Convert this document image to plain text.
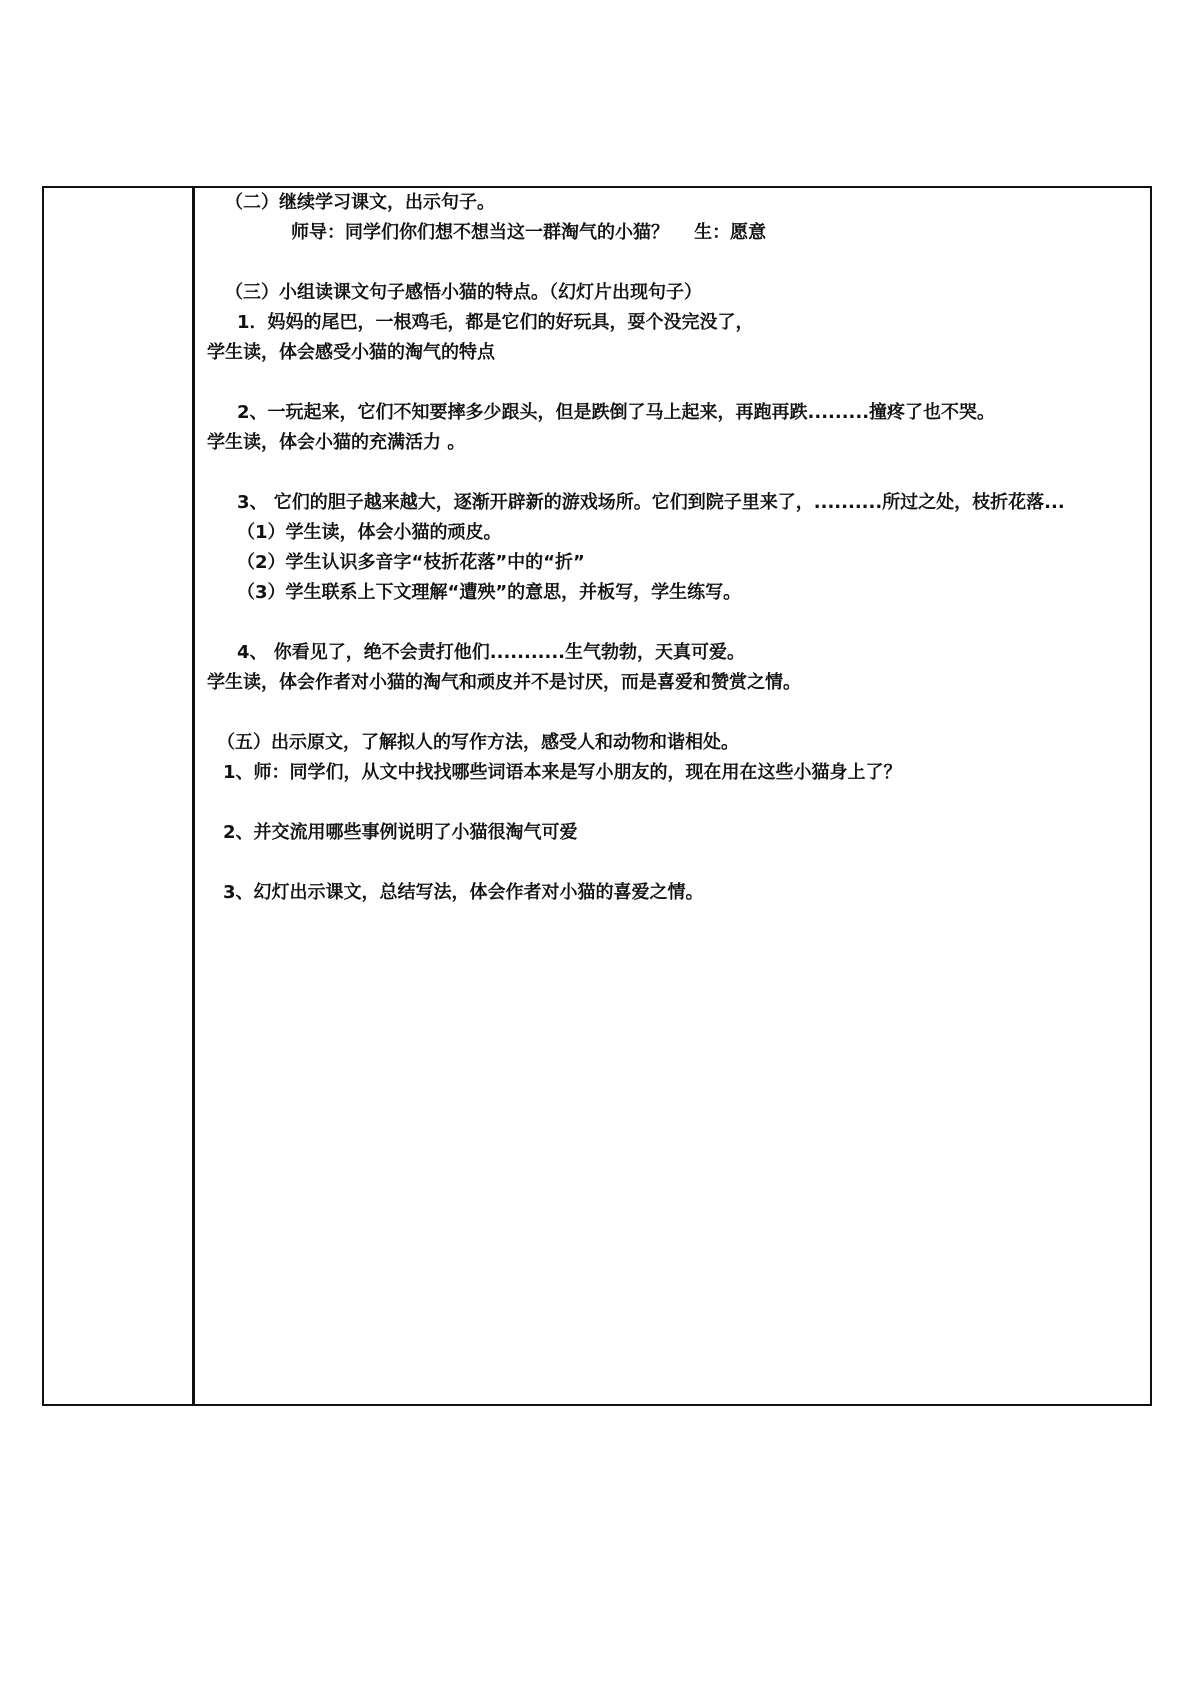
（二）继续学习课文，出示句子。

师导：同学们你们想不想当这一群淘气的小猫？    生：愿意

（三）小组读课文句子感悟小猫的特点。（幻灯片出现句子）

1．妈妈的尾巴，一根鸡毛，都是它们的好玩具，耍个没完没了，

学生读，体会感受小猫的淘气的特点

2、一玩起来，它们不知要摔多少跟头，但是跌倒了马上起来，再跑再跌.........撞疼了也不哭。

学生读，体会小猫的充满活力 。

3、 它们的胆子越来越大，逐渐开辟新的游戏场所。它们到院子里来了，..........所过之处，枝折花落...

（1）学生读，体会小猫的顽皮。

（2）学生认识多音字“枝折花落”中的“折”

（3）学生联系上下文理解“遭殃”的意思，并板写，学生练写。

4、 你看见了，绝不会责打他们...........生气勃勃，天真可爱。

学生读，体会作者对小猫的淘气和顽皮并不是讨厌，而是喜爱和赞赏之情。

（五）出示原文，了解拟人的写作方法，感受人和动物和谐相处。

1、师：同学们，从文中找找哪些词语本来是写小朋友的，现在用在这些小猫身上了？

2、并交流用哪些事例说明了小猫很淘气可爱

3、幻灯出示课文，总结写法，体会作者对小猫的喜爱之情。
